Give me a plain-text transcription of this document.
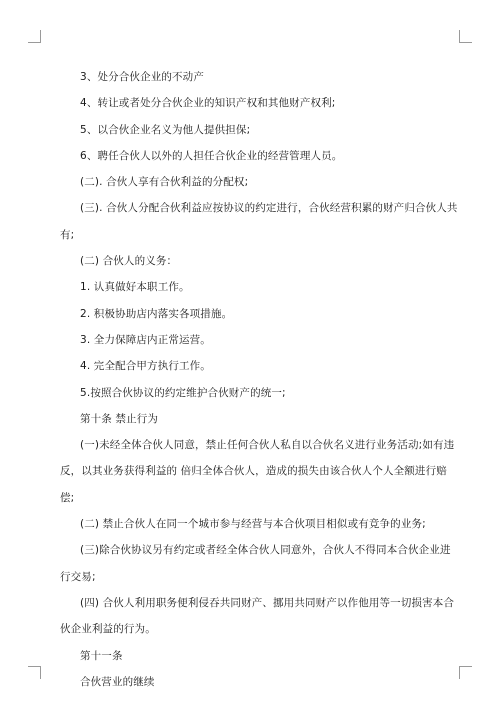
3、处分合伙企业的不动产

4、转让或者处分合伙企业的知识产权和其他财产权利;

5、以合伙企业名义为他人提供担保;

6、聘任合伙人以外的人担任合伙企业的经营管理人员。

(二). 合伙人享有合伙利益的分配权;

(三). 合伙人分配合伙利益应按协议的约定进行，合伙经营积累的财产归合伙人共有;

(二) 合伙人的义务：

1. 认真做好本职工作。

2. 积极协助店内落实各项措施。

3. 全力保障店内正常运营。

4. 完全配合甲方执行工作。

5.按照合伙协议的约定维护合伙财产的统一;

第十条 禁止行为

(一)未经全体合伙人同意，禁止任何合伙人私自以合伙名义进行业务活动;如有违反，以其业务获得利益的 倍归全体合伙人，造成的损失由该合伙人个人全额进行赔偿;

(二) 禁止合伙人在同一个城市参与经营与本合伙项目相似或有竞争的业务;

(三)除合伙协议另有约定或者经全体合伙人同意外，合伙人不得同本合伙企业进行交易;

(四) 合伙人利用职务便利侵吞共同财产、挪用共同财产以作他用等一切损害本合伙企业利益的行为。

第十一条

合伙营业的继续
